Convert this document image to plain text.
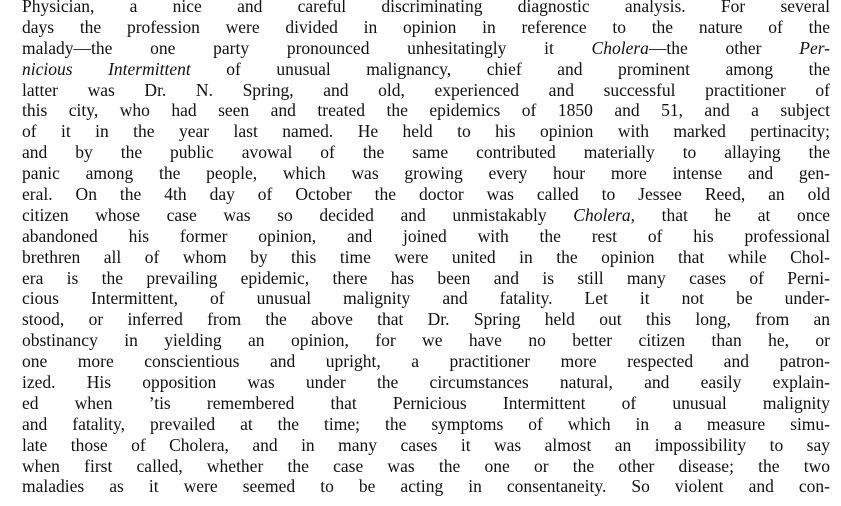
Physician, a nice and careful discriminating diagnostic analysis. For several
days the profession were divided in opinion in reference to the nature of the
malady—the one party pronounced unhesitatingly it Cholera—the other Per-
nicious Intermittent of unusual malignancy, chief and prominent among the
latter was Dr. N. Spring, and old, experienced and successful practitioner of
this city, who had seen and treated the epidemics of 1850 and 51, and a subject
of it in the year last named. He held to his opinion with marked pertinacity;
and by the public avowal of the same contributed materially to allaying the
panic among the people, which was growing every hour more intense and gen-
eral. On the 4th day of October the doctor was called to Jessee Reed, an old
citizen whose case was so decided and unmistakably Cholera, that he at once
abandoned his former opinion, and joined with the rest of his professional
brethren all of whom by this time were united in the opinion that while Chol-
era is the prevailing epidemic, there has been and is still many cases of Perni-
cious Intermittent, of unusual malignity and fatality. Let it not be under-
stood, or inferred from the above that Dr. Spring held out this long, from an
obstinancy in yielding an opinion, for we have no better citizen than he, or
one more conscientious and upright, a practitioner more respected and patron-
ized. His opposition was under the circumstances natural, and easily explain-
ed when ’tis remembered that Pernicious Intermittent of unusual malignity
and fatality, prevailed at the time; the symptoms of which in a measure simu-
late those of Cholera, and in many cases it was almost an impossibility to say
when first called, whether the case was the one or the other disease; the two
maladies as it were seemed to be acting in consentaneity. So violent and con-
